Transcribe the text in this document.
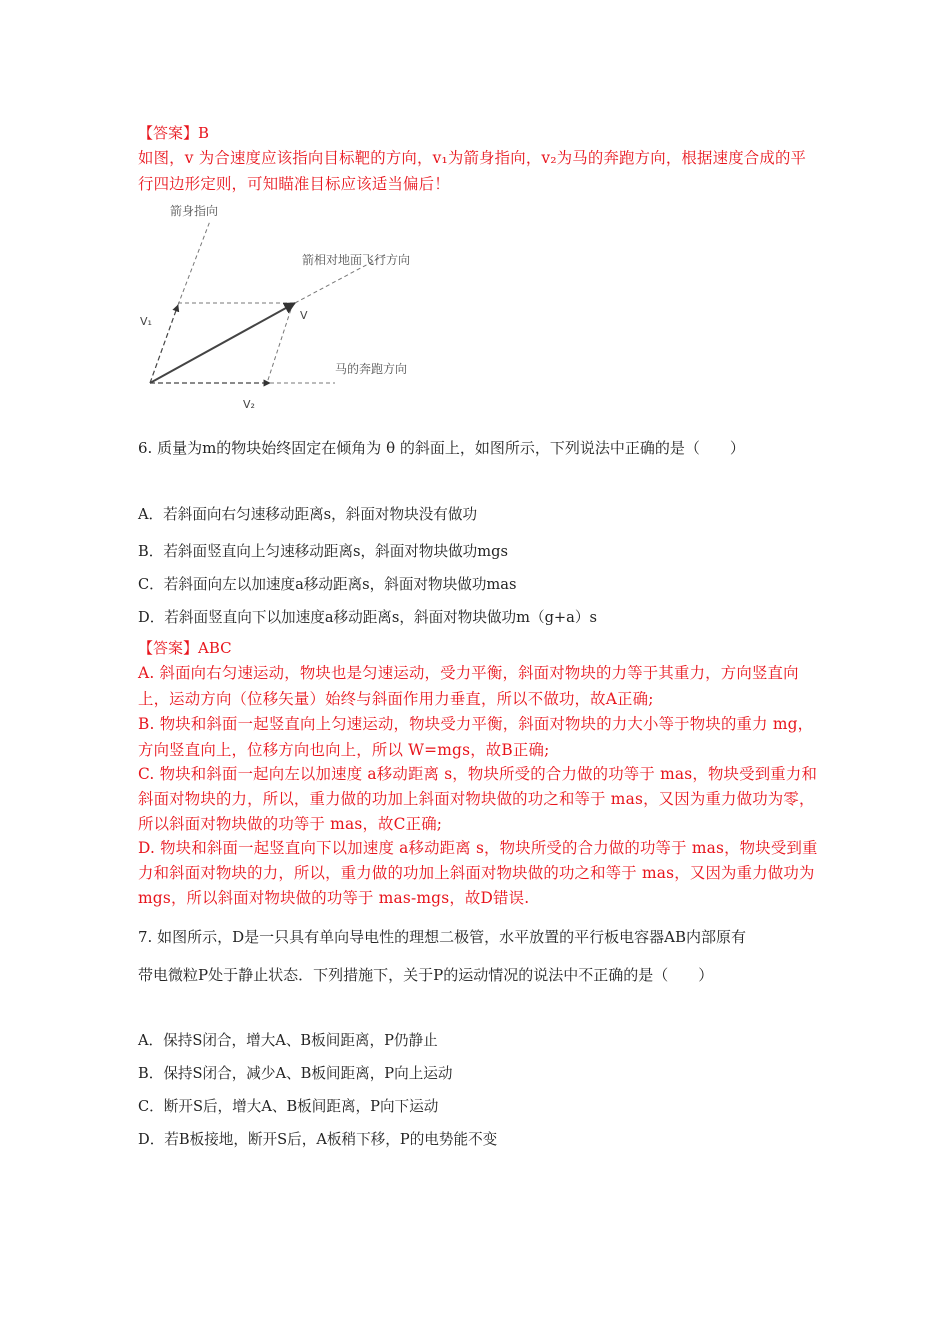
【答案】B
如图，v 为合速度应该指向目标靶的方向，v₁为箭身指向，v₂为马的奔跑方向，根据速度合成的平
行四边形定则，可知瞄准目标应该适当偏后！
箭身指向
箭相对地面飞行方向
马的奔跑方向
V₁	V
V₂
6. 质量为m的物块始终固定在倾角为 θ 的斜面上，如图所示，下列说法中正确的是（　　）
A．若斜面向右匀速移动距离s，斜面对物块没有做功
B．若斜面竖直向上匀速移动距离s，斜面对物块做功mgs
C．若斜面向左以加速度a移动距离s，斜面对物块做功mas
D．若斜面竖直向下以加速度a移动距离s，斜面对物块做功m（g+a）s
【答案】ABC
A. 斜面向右匀速运动，物块也是匀速运动，受力平衡，斜面对物块的力等于其重力，方向竖直向
上，运动方向（位移矢量）始终与斜面作用力垂直，所以不做功，故A正确;
B. 物块和斜面一起竖直向上匀速运动，物块受力平衡，斜面对物块的力大小等于物块的重力 mg，
方向竖直向上，位移方向也向上，所以 W=mgs，故B正确;
C. 物块和斜面一起向左以加速度 a移动距离 s，物块所受的合力做的功等于 mas，物块受到重力和
斜面对物块的力，所以，重力做的功加上斜面对物块做的功之和等于 mas，又因为重力做功为零，
所以斜面对物块做的功等于 mas，故C正确;
D. 物块和斜面一起竖直向下以加速度 a移动距离 s，物块所受的合力做的功等于 mas，物块受到重
力和斜面对物块的力，所以，重力做的功加上斜面对物块做的功之和等于 mas，又因为重力做功为
mgs，所以斜面对物块做的功等于 mas-mgs，故D错误.
7. 如图所示，D是一只具有单向导电性的理想二极管，水平放置的平行板电容器AB内部原有
带电微粒P处于静止状态．下列措施下，关于P的运动情况的说法中不正确的是（　　）
A．保持S闭合，增大A、B板间距离，P仍静止
B．保持S闭合，减少A、B板间距离，P向上运动
C．断开S后，增大A、B板间距离，P向下运动
D．若B板接地，断开S后，A板稍下移，P的电势能不变
